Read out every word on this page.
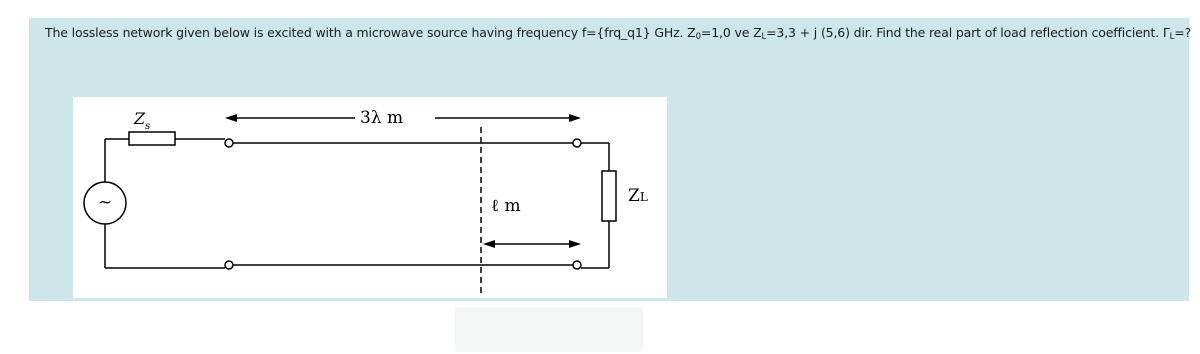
The lossless network given below is excited with a microwave source having frequency f={frq_q1} GHz. $Z_0=1,0$ ve $Z_L=3,3 + j$ (5,6) dir. Find the real part of load reflection coefficient. $\Gamma_L=$?
~
$Z_s$	3λ m
ℓ m	ZL
